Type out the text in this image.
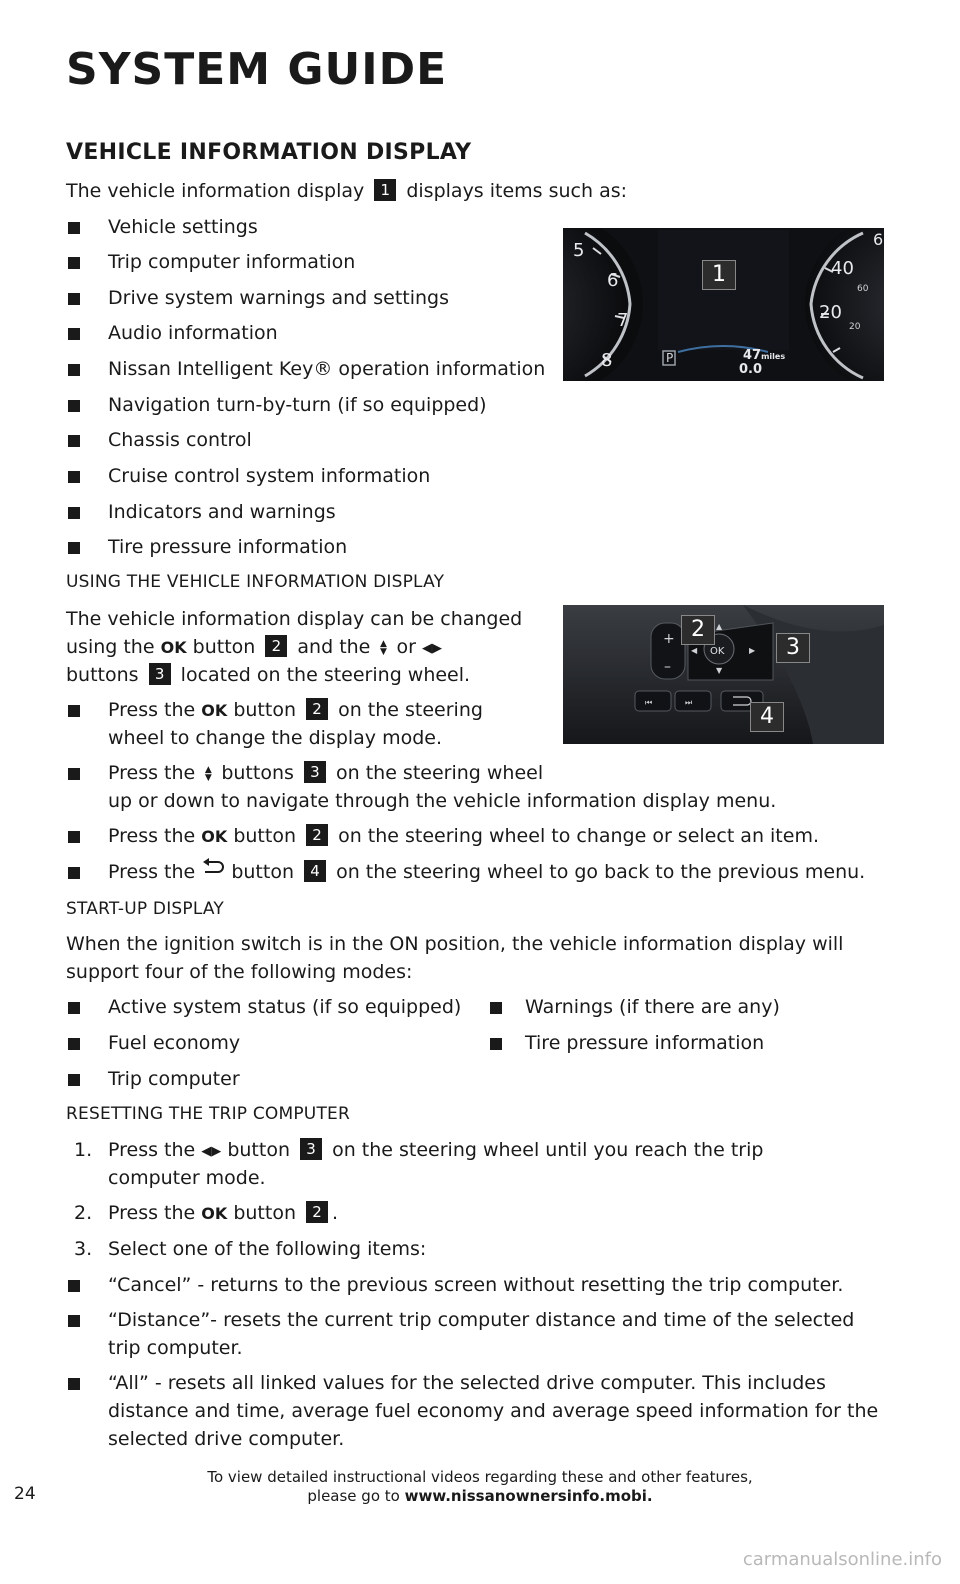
SYSTEM GUIDE
VEHICLE INFORMATION DISPLAY
The vehicle information display 1 displays items such as:
Vehicle settings
Trip computer information
Drive system warnings and settings
Audio information
Nissan Intelligent Key® operation information
Navigation turn-by-turn (if so equipped)
Chassis control
Cruise control system information
Indicators and warnings
Tire pressure information
5
6
7
8
6
40
60
20
20
P	47miles
0.0
1
USING THE VEHICLE INFORMATION DISPLAY
The vehicle information display can be changed
using the OK button 2 and the ▲
▼ or ◀▶
buttons 3 located on the steering wheel.
Press the OK button 2 on the steering
wheel to change the display mode.
Press the ▲
▼ buttons 3 on the steering wheel
up or down to navigate through the vehicle information display menu.
Press the OK button 2 on the steering wheel to change or select an item.
Press the button 4 on the steering wheel to go back to the previous menu.
+
–
OK
▲
▼
◀	▶
⏮	⏭
2
3
4
START-UP DISPLAY
When the ignition switch is in the ON position, the vehicle information display will
support four of the following modes:
Active system status (if so equipped)
Fuel economy
Trip computer
Warnings (if there are any)
Tire pressure information
RESETTING THE TRIP COMPUTER
1. Press the ◀▶ button 3 on the steering wheel until you reach the trip
computer mode.
2. Press the OK button 2 .
3. Select one of the following items:
“Cancel” - returns to the previous screen without resetting the trip computer.
“Distance”- resets the current trip computer distance and time of the selected
trip computer.
“All” - resets all linked values for the selected drive computer. This includes
distance and time, average fuel economy and average speed information for the
selected drive computer.
To view detailed instructional videos regarding these and other features,
please go to www.nissanownersinfo.mobi.
24
carmanualsonline.info
